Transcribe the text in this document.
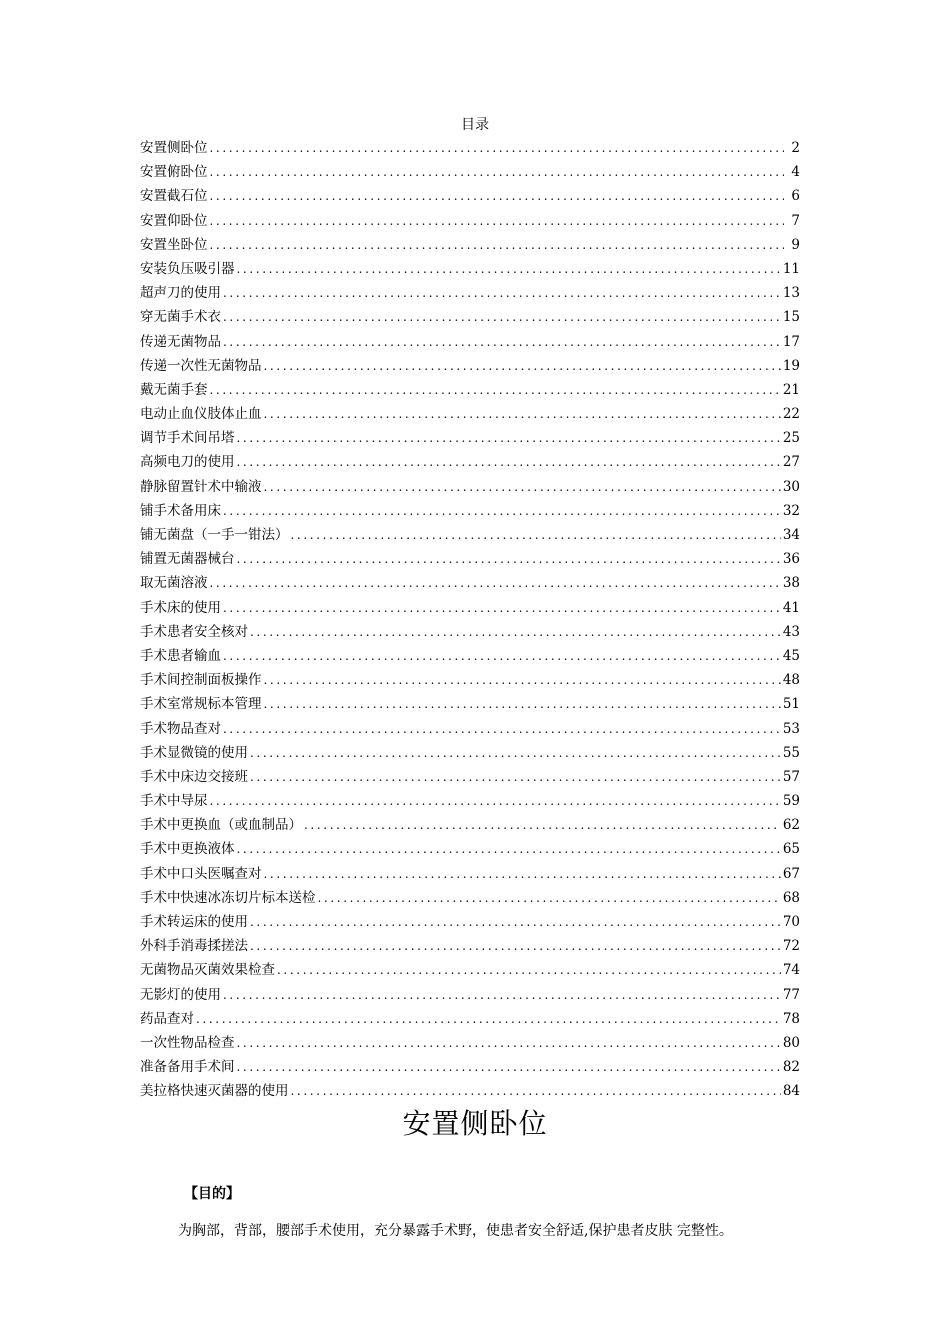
目录
安置侧卧位 . . .	2
安置俯卧位 . . .	4
安置截石位 . . .	6
安置仰卧位 . . .	7
安置坐卧位 . . .	9
安装负压吸引器 . . .	11
超声刀的使用 . . .	13
穿无菌手术衣 . . .	15
传递无菌物品 . . .	17
传递一次性无菌物品 . . .	19
戴无菌手套 . . .	21
电动止血仪肢体止血 . . .	22
调节手术间吊塔 . . .	25
高频电刀的使用 . . .	27
静脉留置针术中输液 . . .	30
铺手术备用床 . . .	32
铺无菌盘（一手一钳法） . . .	34
铺置无菌器械台 . . .	36
取无菌溶液 . . .	38
手术床的使用 . . .	41
手术患者安全核对 . . .	43
手术患者输血 . . .	45
手术间控制面板操作 . . .	48
手术室常规标本管理 . . .	51
手术物品查对 . . .	53
手术显微镜的使用 . . .	55
手术中床边交接班 . . .	57
手术中导尿 . . .	59
手术中更换血（或血制品） . . .	62
手术中更换液体 . . .	65
手术中口头医嘱查对 . . .	67
手术中快速冰冻切片标本送检 . . .	68
手术转运床的使用 . . .	70
外科手消毒揉搓法 . . .	72
无菌物品灭菌效果检查 . . .	74
无影灯的使用 . . .	77
药品查对 . . .	78
一次性物品检查 . . .	80
准备备用手术间 . . .	82
美拉格快速灭菌器的使用 . . .	84
安置侧卧位
【目的】
为胸部，背部，腰部手术使用，充分暴露手术野，使患者安全舒适,保护患者皮肤 完整性。
